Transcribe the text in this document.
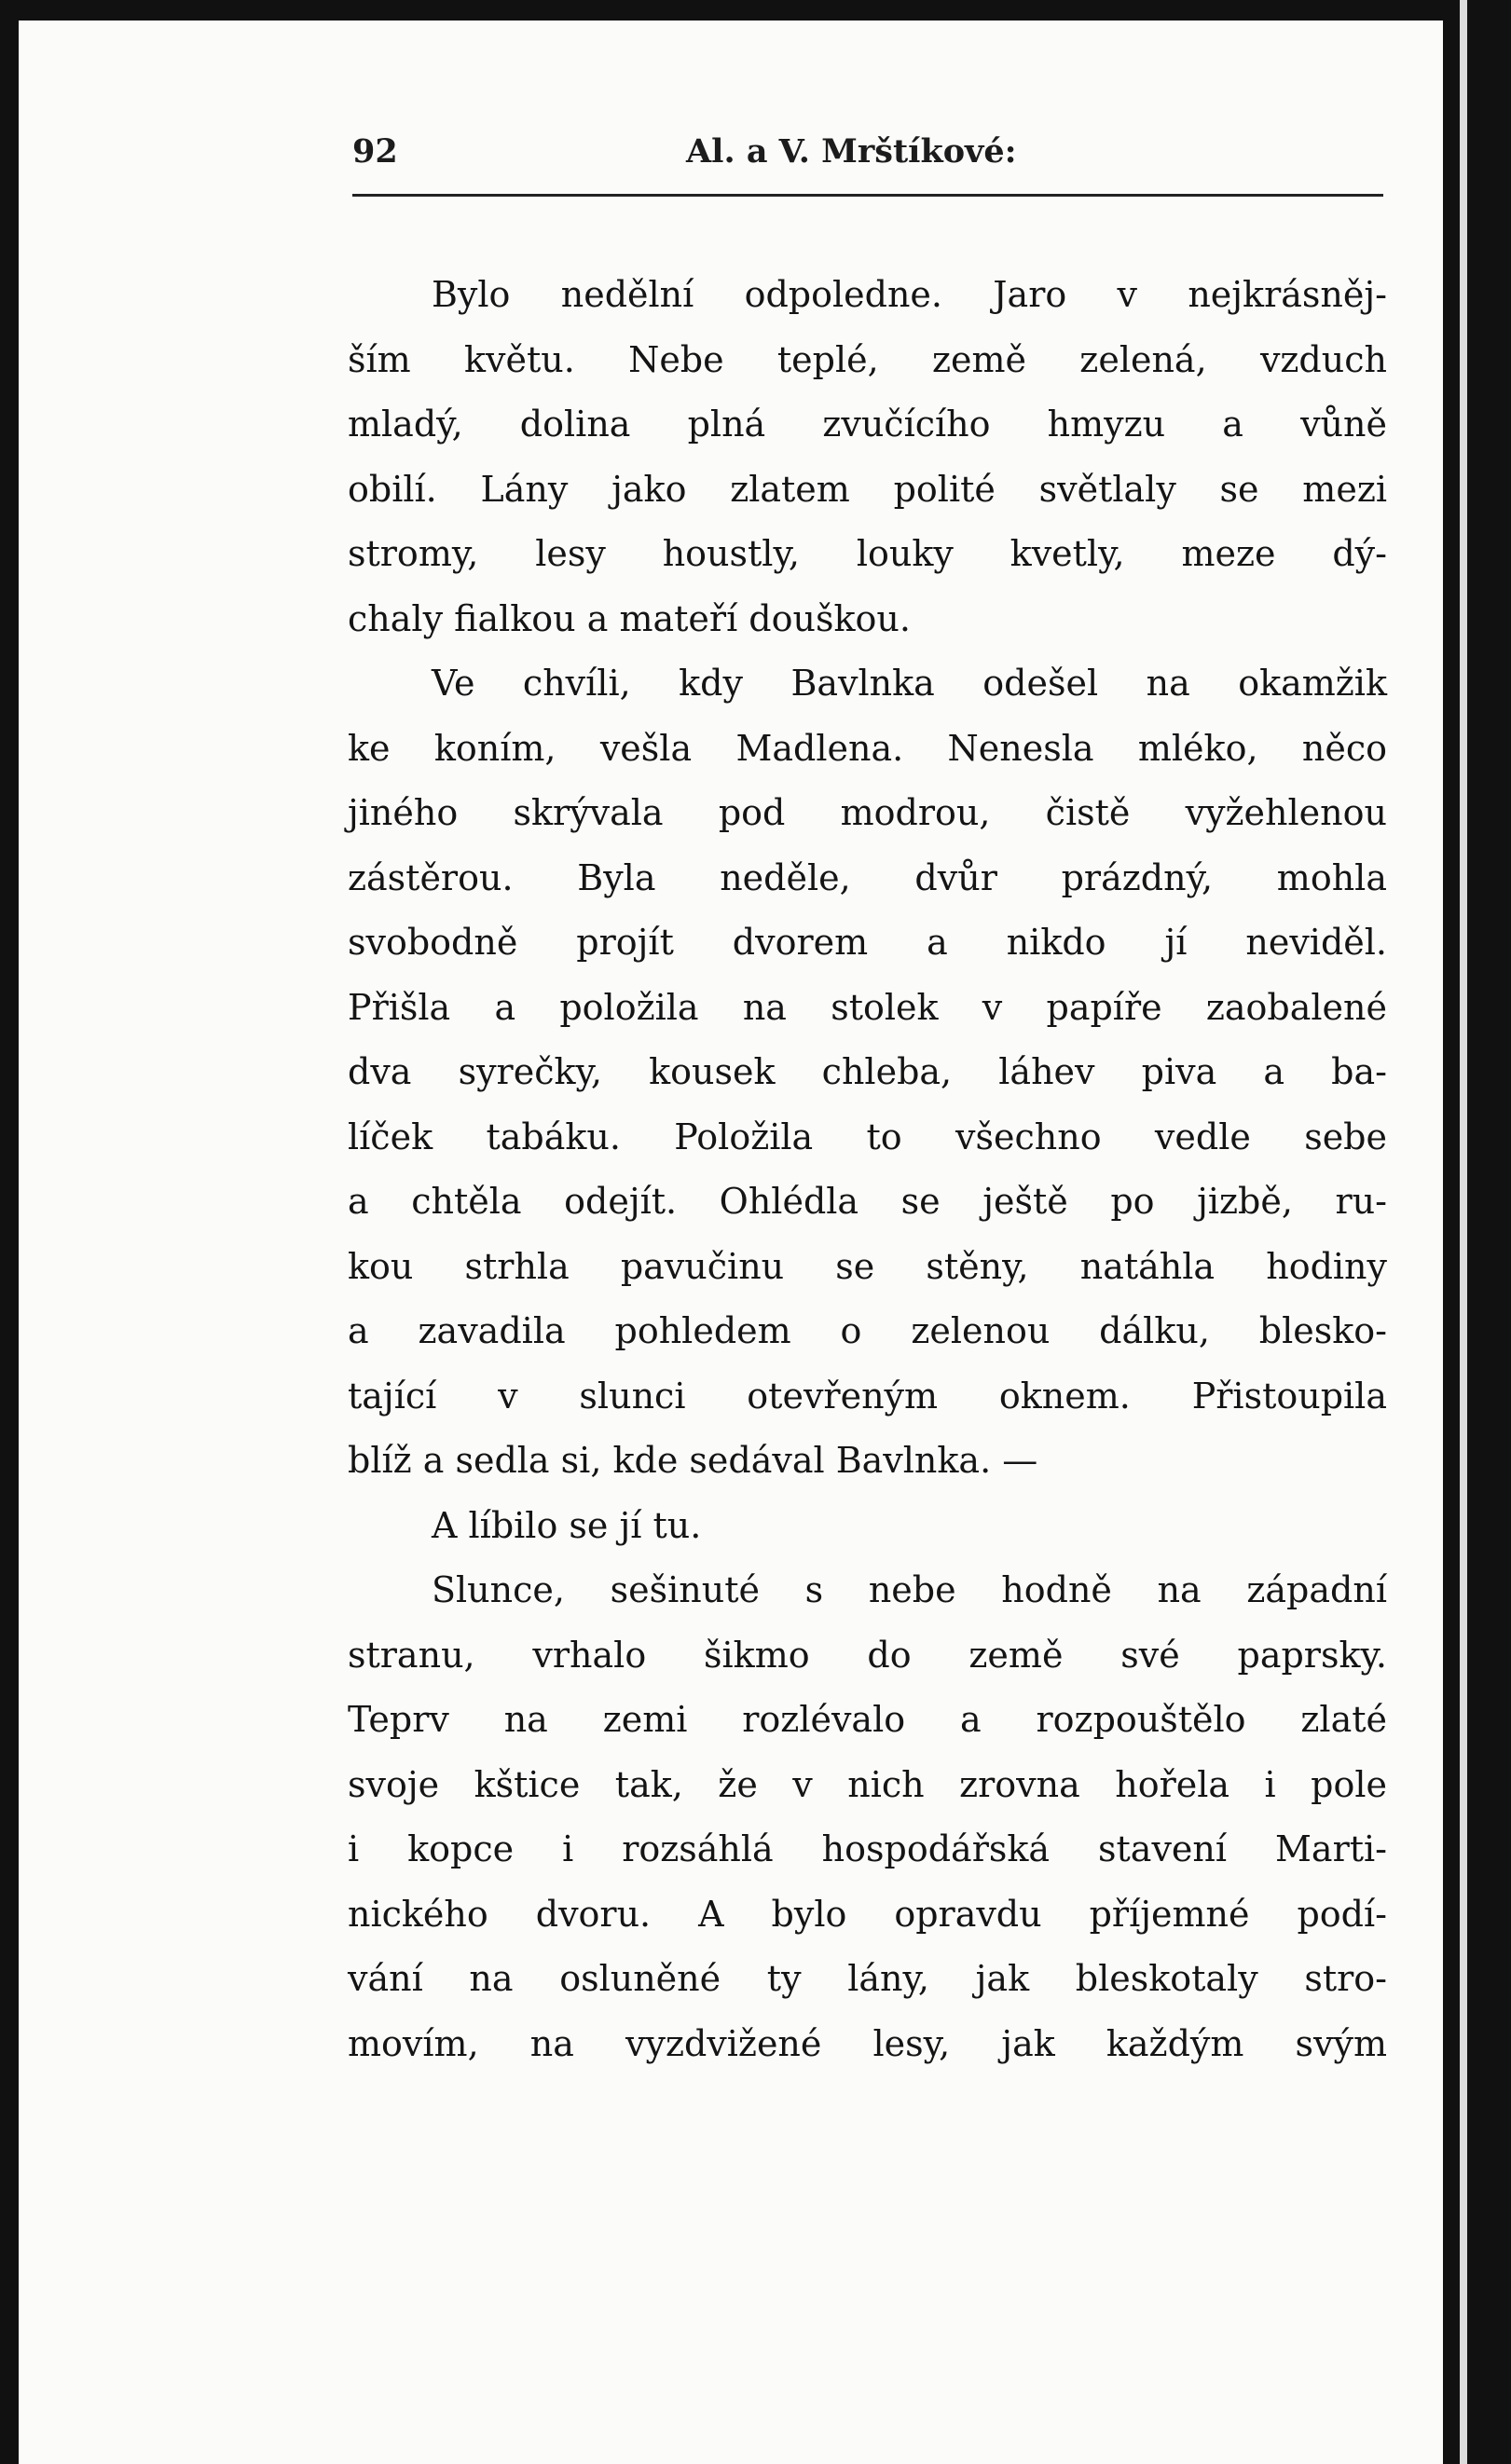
92	Al. a V. Mrštíkové:
Bylo nedělní odpoledne. Jaro v nejkrásněj-
ším květu. Nebe teplé, země zelená, vzduch
mladý, dolina plná zvučícího hmyzu a vůně
obilí. Lány jako zlatem polité světlaly se mezi
stromy, lesy houstly, louky kvetly, meze dý-
chaly fialkou a mateří douškou.
Ve chvíli, kdy Bavlnka odešel na okamžik
ke koním, vešla Madlena. Nenesla mléko, něco
jiného skrývala pod modrou, čistě vyžehlenou
zástěrou. Byla neděle, dvůr prázdný, mohla
svobodně projít dvorem a nikdo jí neviděl.
Přišla a položila na stolek v papíře zaobalené
dva syrečky, kousek chleba, láhev piva a ba-
líček tabáku. Položila to všechno vedle sebe
a chtěla odejít. Ohlédla se ještě po jizbě, ru-
kou strhla pavučinu se stěny, natáhla hodiny
a zavadila pohledem o zelenou dálku, blesko-
tající v slunci otevřeným oknem. Přistoupila
blíž a sedla si, kde sedával Bavlnka. —
A líbilo se jí tu.
Slunce, sešinuté s nebe hodně na západní
stranu, vrhalo šikmo do země své paprsky.
Teprv na zemi rozlévalo a rozpouštělo zlaté
svoje kštice tak, že v nich zrovna hořela i pole
i kopce i rozsáhlá hospodářská stavení Marti-
nického dvoru. A bylo opravdu příjemné podí-
vání na osluněné ty lány, jak bleskotaly stro-
movím, na vyzdvižené lesy, jak každým svým
